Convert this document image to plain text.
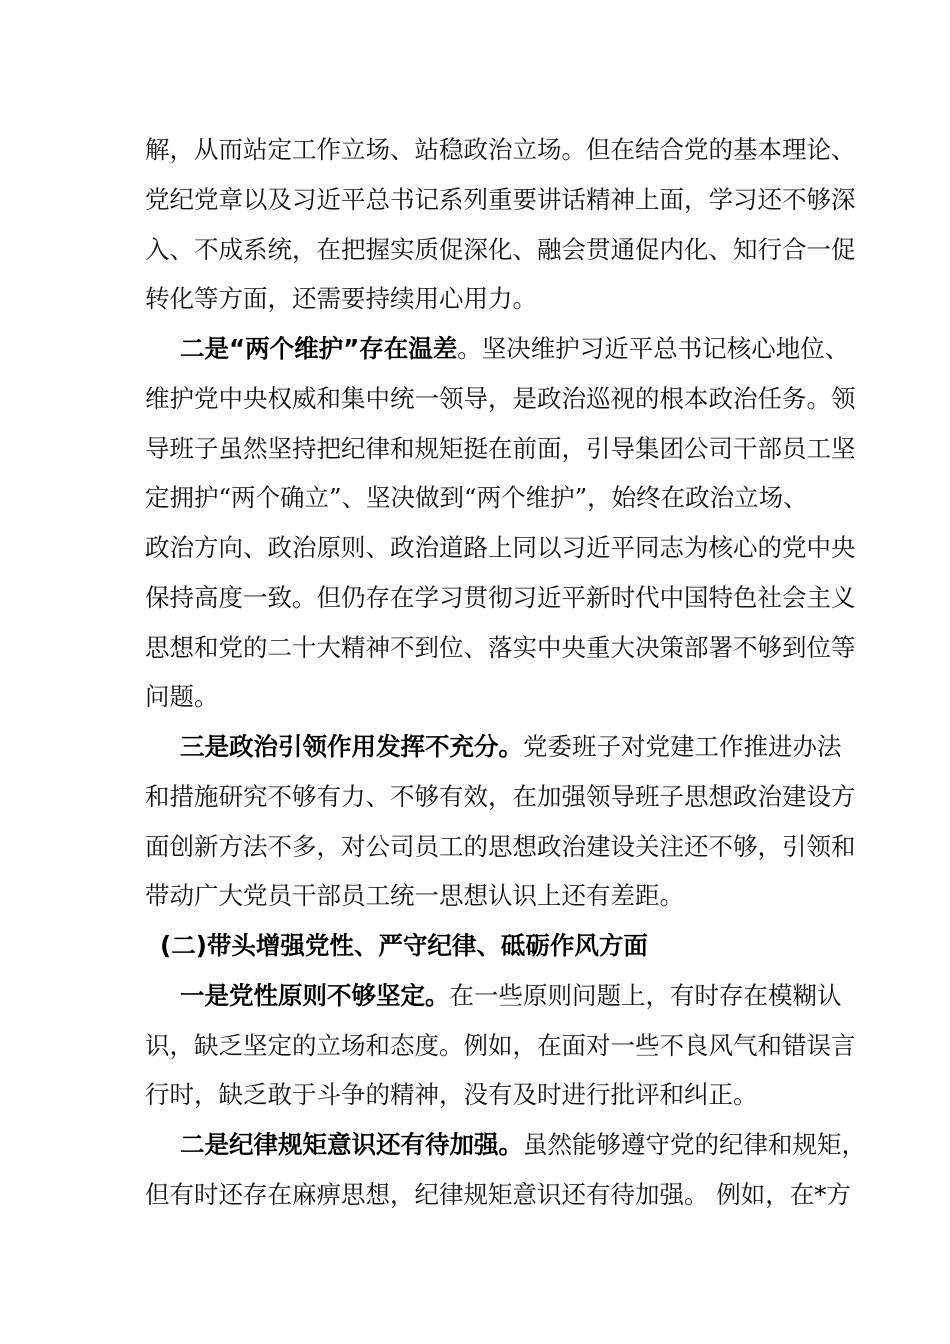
解，从而站定工作立场、站稳政治立场。但在结合党的基本理论、
党纪党章以及习近平总书记系列重要讲话精神上面，学习还不够深
入、不成系统，在把握实质促深化、融会贯通促内化、知行合一促
转化等方面，还需要持续用心用力。
二是“两个维护”存在温差。坚决维护习近平总书记核心地位、
维护党中央权威和集中统一领导，是政治巡视的根本政治任务。领
导班子虽然坚持把纪律和规矩挺在前面，引导集团公司干部员工坚
定拥护“两个确立”、坚决做到“两个维护”，始终在政治立场、
政治方向、政治原则、政治道路上同以习近平同志为核心的党中央
保持高度一致。但仍存在学习贯彻习近平新时代中国特色社会主义
思想和党的二十大精神不到位、落实中央重大决策部署不够到位等
问题。
三是政治引领作用发挥不充分。党委班子对党建工作推进办法
和措施研究不够有力、不够有效，在加强领导班子思想政治建设方
面创新方法不多，对公司员工的思想政治建设关注还不够，引领和
带动广大党员干部员工统一思想认识上还有差距。
(二)带头增强党性、严守纪律、砥砺作风方面
一是党性原则不够坚定。在一些原则问题上，有时存在模糊认
识，缺乏坚定的立场和态度。例如，在面对一些不良风气和错误言
行时，缺乏敢于斗争的精神，没有及时进行批评和纠正。
二是纪律规矩意识还有待加强。虽然能够遵守党的纪律和规矩，
但有时还存在麻痹思想，纪律规矩意识还有待加强。 例如，在*方
